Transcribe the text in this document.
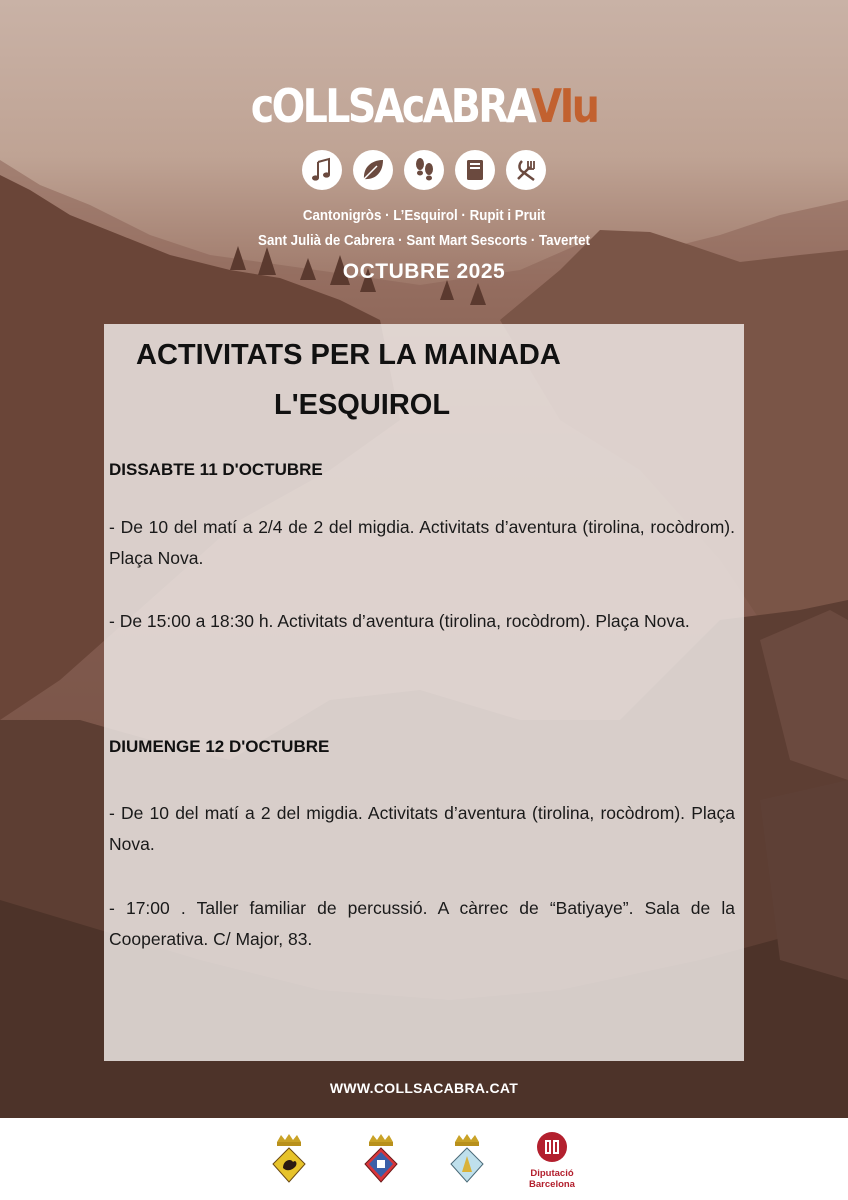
cOLLSAcABRAVIu
Cantonigròs · L’Esquirol · Rupit i Pruit
Sant Julià de Cabrera · Sant Mart Sescorts · Tavertet
OCTUBRE 2025
ACTIVITATS PER LA MAINADA
L'ESQUIROL
DISSABTE 11 D'OCTUBRE
- De 10 del matí a 2/4 de 2 del migdia. Activitats d’aventura (tirolina, rocòdrom). Plaça Nova.
- De 15:00 a 18:30 h. Activitats d’aventura (tirolina, rocòdrom). Plaça Nova.
DIUMENGE 12 D'OCTUBRE
- De 10 del matí a 2 del migdia. Activitats d’aventura (tirolina, rocòdrom). Plaça Nova.
- 17:00 . Taller familiar de percussió. A càrrec de “Batiyaye”. Sala de la Cooperativa. C/ Major, 83.
WWW.COLLSACABRA.CAT
Diputació
Barcelona
